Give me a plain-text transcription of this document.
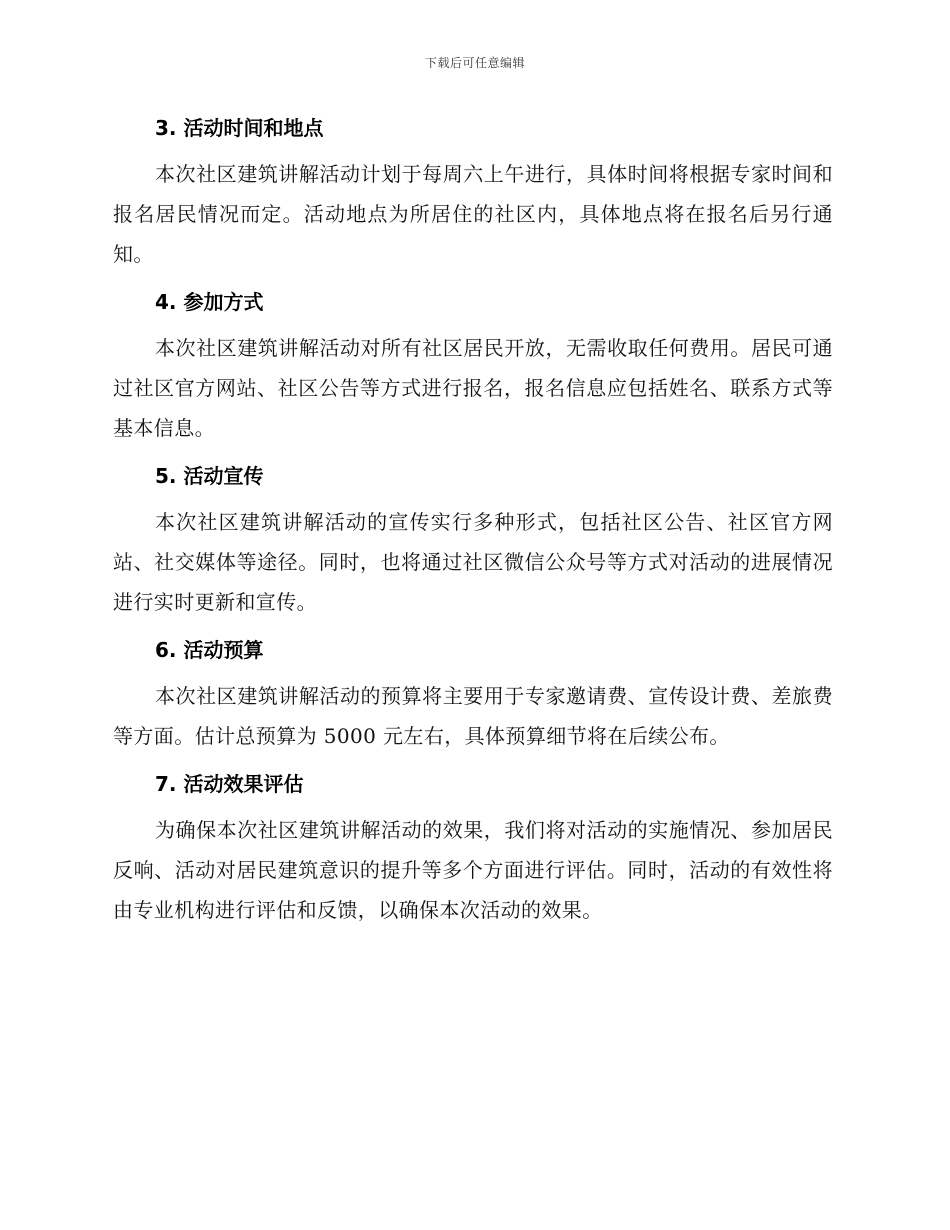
下载后可任意编辑
3. 活动时间和地点

本次社区建筑讲解活动计划于每周六上午进行，具体时间将根据专家时间和报名居民情况而定。活动地点为所居住的社区内，具体地点将在报名后另行通知。

4. 参加方式

本次社区建筑讲解活动对所有社区居民开放，无需收取任何费用。居民可通过社区官方网站、社区公告等方式进行报名，报名信息应包括姓名、联系方式等基本信息。

5. 活动宣传

本次社区建筑讲解活动的宣传实行多种形式，包括社区公告、社区官方网站、社交媒体等途径。同时，也将通过社区微信公众号等方式对活动的进展情况进行实时更新和宣传。

6. 活动预算

本次社区建筑讲解活动的预算将主要用于专家邀请费、宣传设计费、差旅费等方面。估计总预算为 5000 元左右，具体预算细节将在后续公布。

7. 活动效果评估

为确保本次社区建筑讲解活动的效果，我们将对活动的实施情况、参加居民反响、活动对居民建筑意识的提升等多个方面进行评估。同时，活动的有效性将由专业机构进行评估和反馈，以确保本次活动的效果。
